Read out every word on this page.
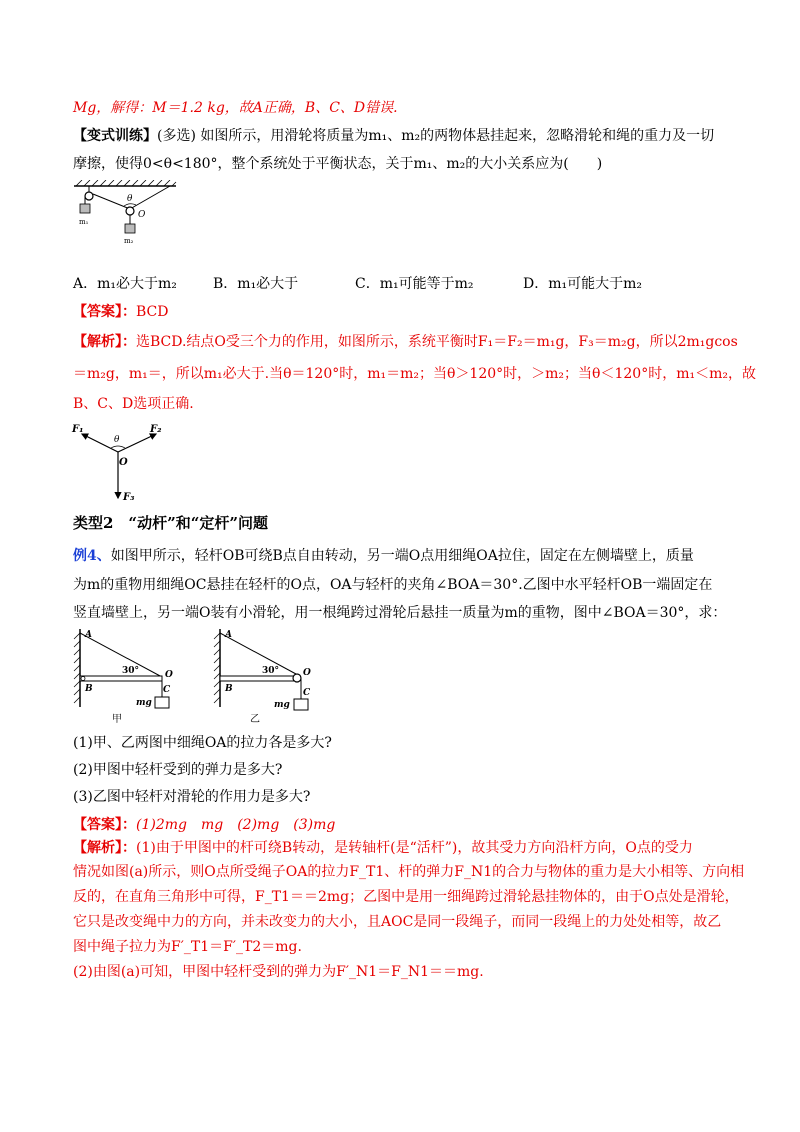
Mg，解得：M＝1.2 kg，故A正确，B、C、D错误.
【变式训练】(多选) 如图所示，用滑轮将质量为m₁、m₂的两物体悬挂起来，忽略滑轮和绳的重力及一切
摩擦，使得0<θ<180°，整个系统处于平衡状态，关于m₁、m₂的大小关系应为(　　)
θ
O
m₁
m₂
A．m₁必大于m₂	B．m₁必大于	C．m₁可能等于m₂	D．m₁可能大于m₂
【答案】：BCD
【解析】：选BCD.结点O受三个力的作用，如图所示，系统平衡时F₁＝F₂＝m₁g，F₃＝m₂g，所以2m₁gcos
＝m₂g，m₁＝，所以m₁必大于.当θ＝120°时，m₁＝m₂；当θ＞120°时，＞m₂；当θ＜120°时，m₁＜m₂，故
B、C、D选项正确.
F₁	F₂
F₃
θ
O
类型2　“动杆”和“定杆”问题
例4、如图甲所示，轻杆OB可绕B点自由转动，另一端O点用细绳OA拉住，固定在左侧墙壁上，质量
为m的重物用细绳OC悬挂在轻杆的O点，OA与轻杆的夹角∠BOA＝30°.乙图中水平轻杆OB一端固定在
竖直墙壁上，另一端O装有小滑轮，用一根绳跨过滑轮后悬挂一质量为m的重物，图中∠BOA＝30°，求：
A
B
O
C
30°
mg
甲
A
B
O
C
30°
mg
乙
(1)甲、乙两图中细绳OA的拉力各是多大?
(2)甲图中轻杆受到的弹力是多大?
(3)乙图中轻杆对滑轮的作用力是多大?
【答案】：(1)2mg　mg　(2)mg　(3)mg
【解析】：(1)由于甲图中的杆可绕B转动，是转轴杆(是“活杆”)，故其受力方向沿杆方向，O点的受力
情况如图(a)所示，则O点所受绳子OA的拉力F_T1、杆的弹力F_N1的合力与物体的重力是大小相等、方向相
反的，在直角三角形中可得，F_T1＝＝2mg；乙图中是用一细绳跨过滑轮悬挂物体的，由于O点处是滑轮，
它只是改变绳中力的方向，并未改变力的大小，且AOC是同一段绳子，而同一段绳上的力处处相等，故乙
图中绳子拉力为F′_T1＝F′_T2＝mg.
(2)由图(a)可知，甲图中轻杆受到的弹力为F′_N1＝F_N1＝＝mg.
